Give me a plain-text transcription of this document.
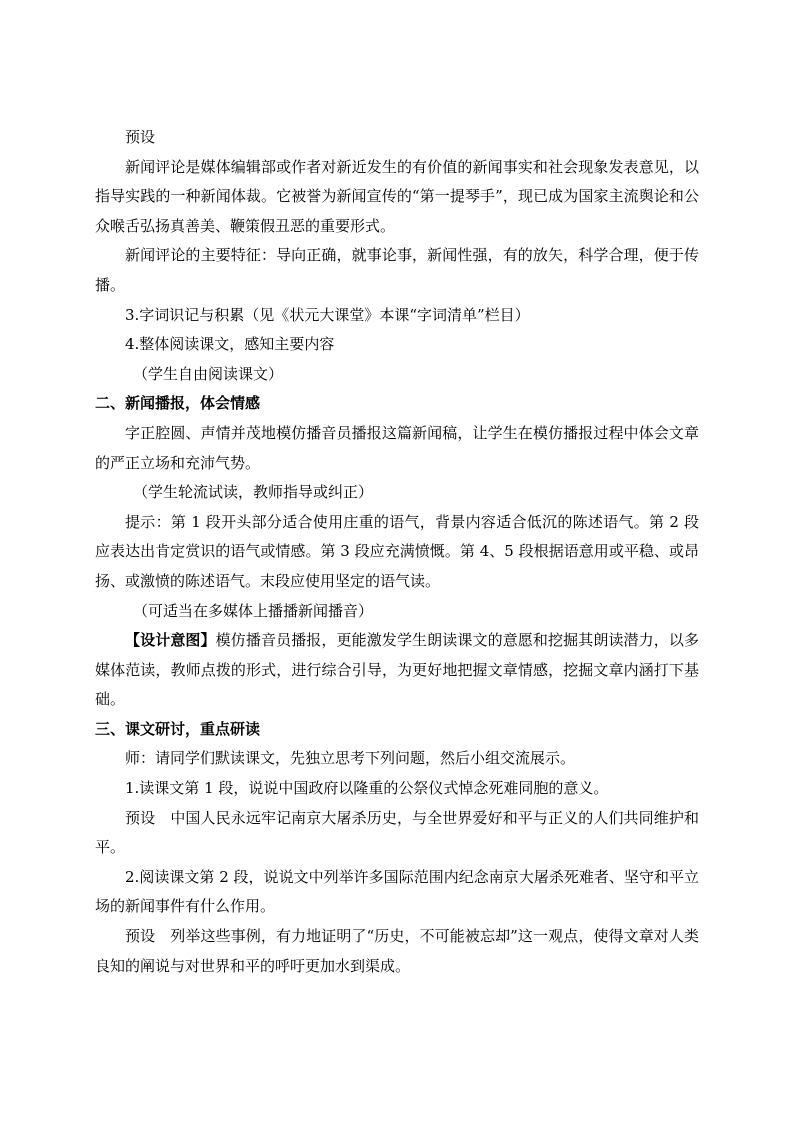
预设

新闻评论是媒体编辑部或作者对新近发生的有价值的新闻事实和社会现象发表意见，以指导实践的一种新闻体裁。它被誉为新闻宣传的“第一提琴手”，现已成为国家主流舆论和公众喉舌弘扬真善美、鞭策假丑恶的重要形式。

新闻评论的主要特征：导向正确，就事论事，新闻性强，有的放矢，科学合理，便于传播。

3.字词识记与积累（见《状元大课堂》本课“字词清单”栏目）

4.整体阅读课文，感知主要内容

（学生自由阅读课文）

二、新闻播报，体会情感

字正腔圆、声情并茂地模仿播音员播报这篇新闻稿，让学生在模仿播报过程中体会文章的严正立场和充沛气势。

（学生轮流试读，教师指导或纠正）

提示：第 1 段开头部分适合使用庄重的语气，背景内容适合低沉的陈述语气。第 2 段应表达出肯定赏识的语气或情感。第 3 段应充满愤慨。第 4、5 段根据语意用或平稳、或昂扬、或激愤的陈述语气。末段应使用坚定的语气读。

（可适当在多媒体上播播新闻播音）

【设计意图】模仿播音员播报，更能激发学生朗读课文的意愿和挖掘其朗读潜力，以多媒体范读，教师点拨的形式，进行综合引导，为更好地把握文章情感，挖掘文章内涵打下基础。

三、课文研讨，重点研读

师：请同学们默读课文，先独立思考下列问题，然后小组交流展示。

1.读课文第 1 段，说说中国政府以隆重的公祭仪式悼念死难同胞的意义。

预设　中国人民永远牢记南京大屠杀历史，与全世界爱好和平与正义的人们共同维护和平。

2.阅读课文第 2 段，说说文中列举许多国际范围内纪念南京大屠杀死难者、坚守和平立场的新闻事件有什么作用。

预设　列举这些事例，有力地证明了“历史，不可能被忘却”这一观点，使得文章对人类良知的阐说与对世界和平的呼吁更加水到渠成。
